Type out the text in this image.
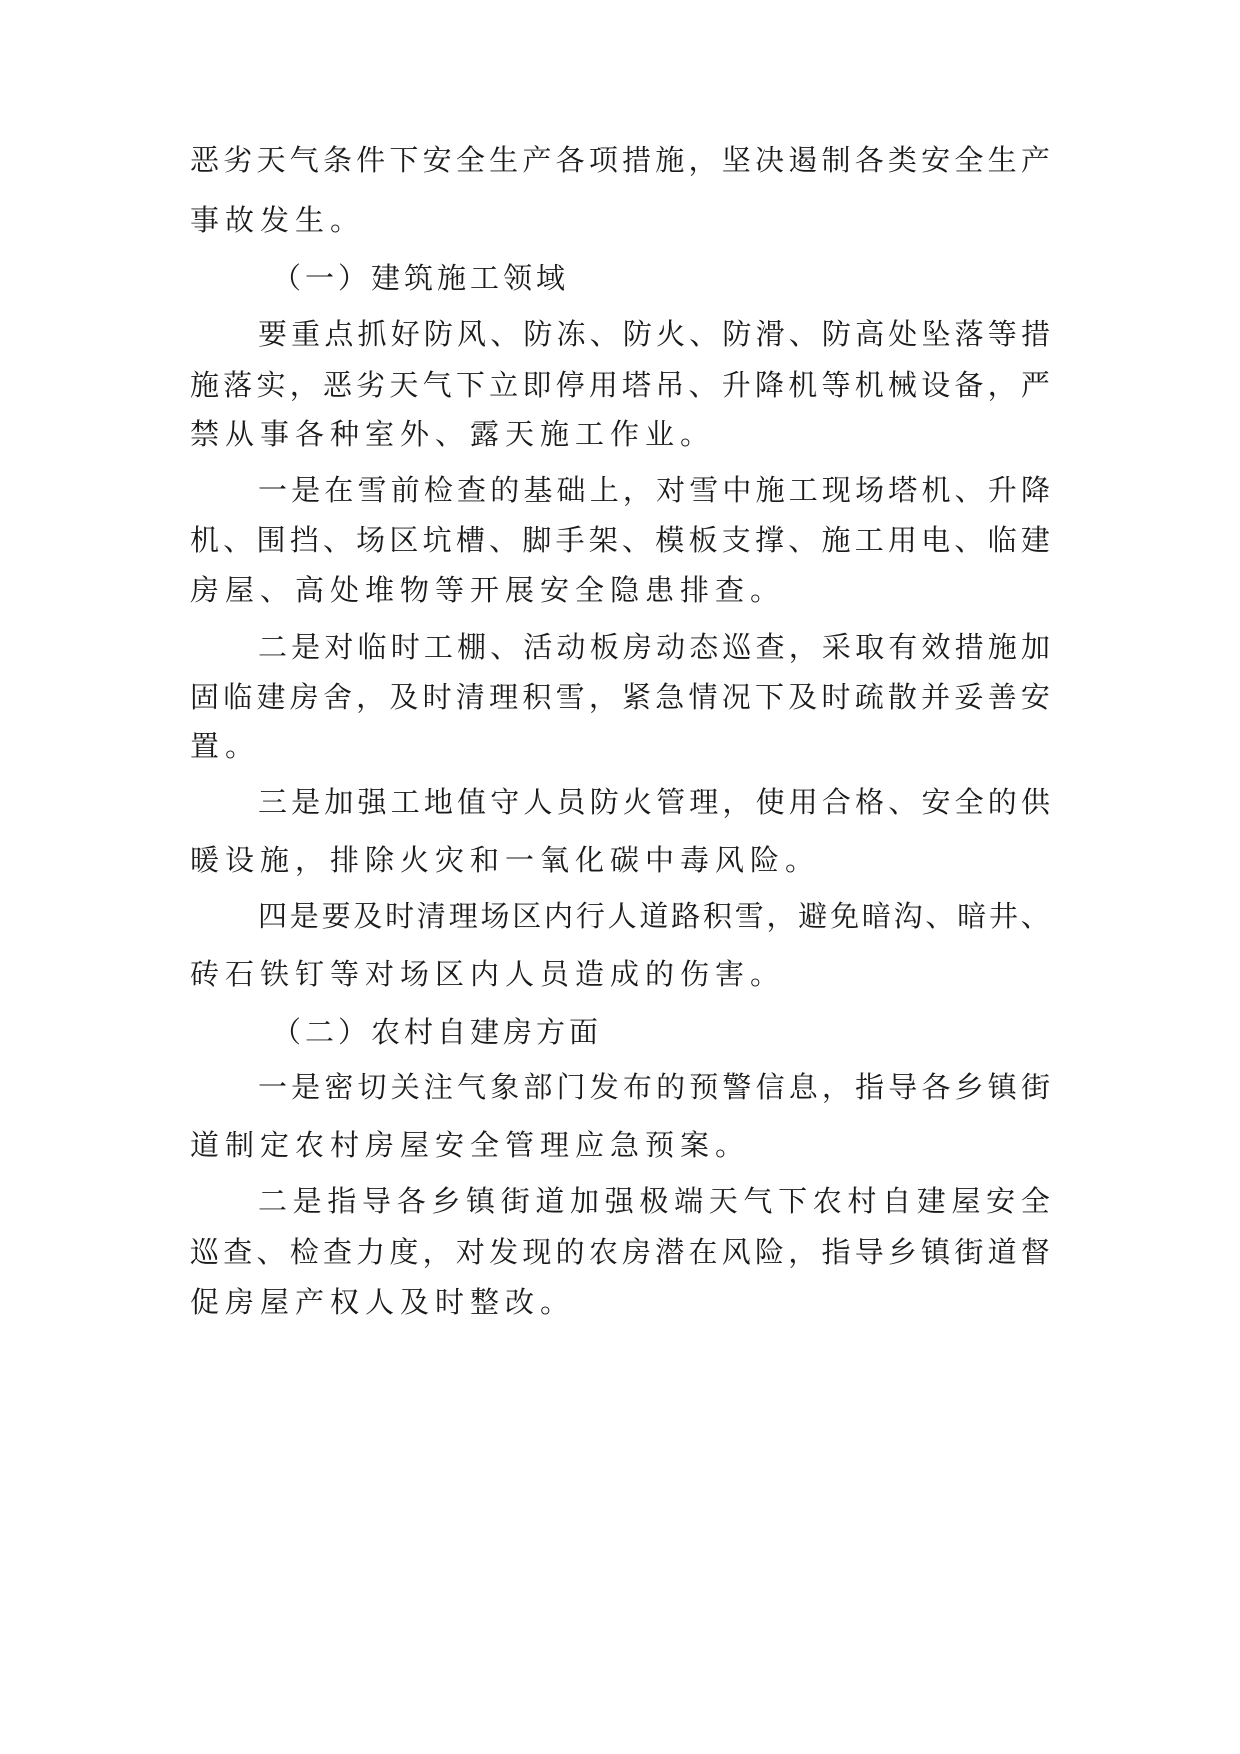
恶 劣 天 气 条 件 下 安 全 生 产 各 项 措 施 ， 坚 决 遏 制 各 类 安 全 生 产
事故发生。
（一）建筑施工领域
要 重 点 抓 好 防 风 、 防 冻 、 防 火 、 防 滑 、 防 高 处 坠 落 等 措
施 落 实 ， 恶 劣 天 气 下 立 即 停 用 塔 吊 、 升 降 机 等 机 械 设 备 ， 严
禁从事各种室外、露天施工作业。
一 是 在 雪 前 检 查 的 基 础 上 ， 对 雪 中 施 工 现 场 塔 机 、 升 降
机 、 围 挡 、 场 区 坑 槽 、 脚 手 架 、 模 板 支 撑 、 施 工 用 电 、 临 建
房屋、高处堆物等开展安全隐患排查。
二 是 对 临 时 工 棚 、 活 动 板 房 动 态 巡 查 ， 采 取 有 效 措 施 加
固 临 建 房 舍 ， 及 时 清 理 积 雪 ， 紧 急 情 况 下 及 时 疏 散 并 妥 善 安
置。
三 是 加 强 工 地 值 守 人 员 防 火 管 理 ， 使 用 合 格 、 安 全 的 供
暖设施，排除火灾和一氧化碳中毒风险。
四 是 要 及 时 清 理 场 区 内 行 人 道 路 积 雪 ， 避 免 暗 沟 、 暗 井 、
砖石铁钉等对场区内人员造成的伤害。
（二）农村自建房方面
一 是 密 切 关 注 气 象 部 门 发 布 的 预 警 信 息 ， 指 导 各 乡 镇 街
道制定农村房屋安全管理应急预案。
二 是 指 导 各 乡 镇 街 道 加 强 极 端 天 气 下 农 村 自 建 屋 安 全
巡 查 、 检 查 力 度 ， 对 发 现 的 农 房 潜 在 风 险 ， 指 导 乡 镇 街 道 督
促房屋产权人及时整改。
